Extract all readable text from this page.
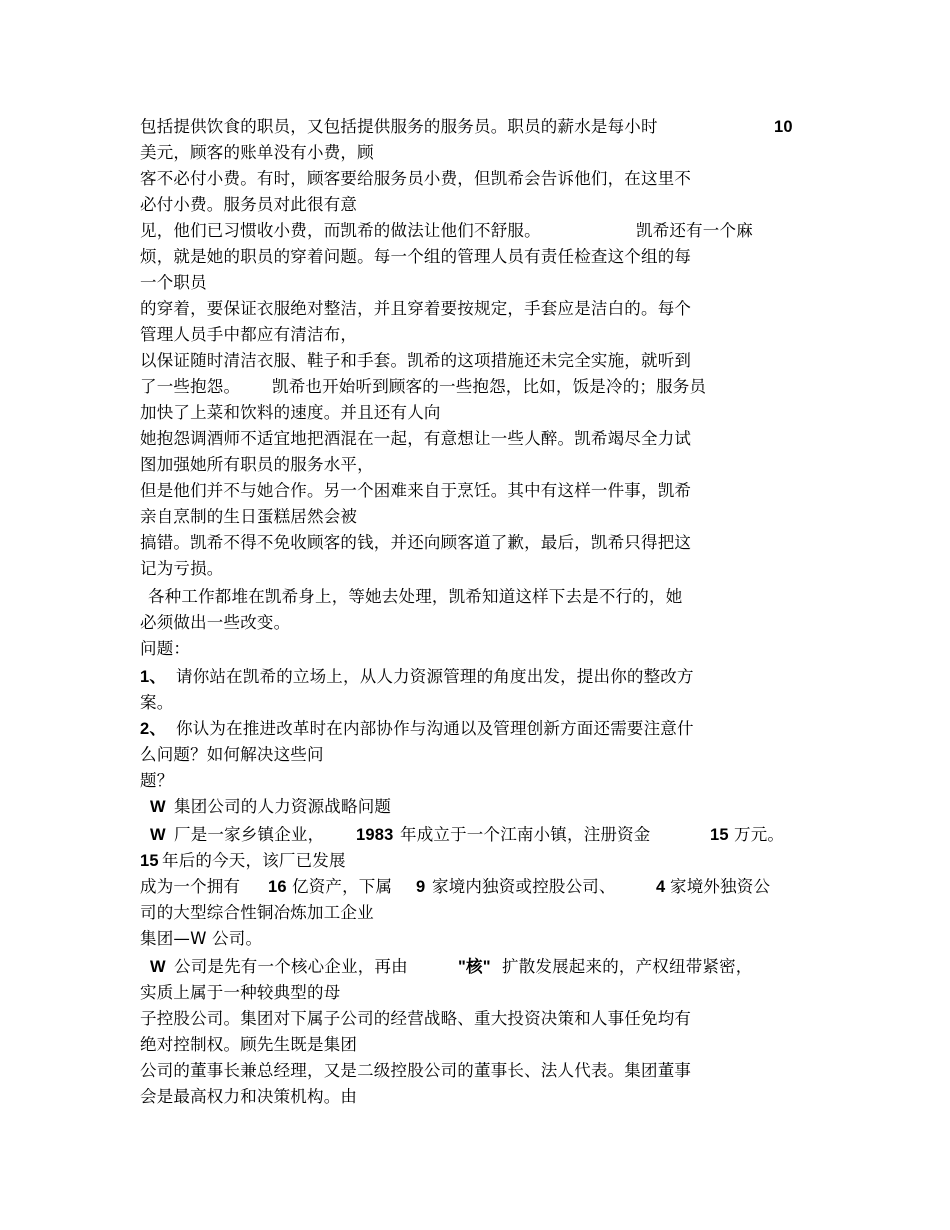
包括提供饮食的职员，又包括提供服务的服务员。职员的薪水是每小时	10
美元，顾客的账单没有小费，顾
客不必付小费。有时，顾客要给服务员小费，但凯希会告诉他们，在这里不
必付小费。服务员对此很有意
见，他们已习惯收小费，而凯希的做法让他们不舒服。	凯希还有一个麻
烦，就是她的职员的穿着问题。每一个组的管理人员有责任检查这个组的每
一个职员
的穿着，要保证衣服绝对整洁，并且穿着要按规定，手套应是洁白的。每个
管理人员手中都应有清洁布，
以保证随时清洁衣服、鞋子和手套。凯希的这项措施还未完全实施，就听到
了一些抱怨。 凯希也开始听到顾客的一些抱怨，比如，饭是冷的；服务员
加快了上菜和饮料的速度。并且还有人向
她抱怨调酒师不适宜地把酒混在一起，有意想让一些人醉。凯希竭尽全力试
图加强她所有职员的服务水平，
但是他们并不与她合作。另一个困难来自于烹饪。其中有这样一件事，凯希
亲自烹制的生日蛋糕居然会被
搞错。凯希不得不免收顾客的钱，并还向顾客道了歉，最后，凯希只得把这
记为亏损。
各种工作都堆在凯希身上，等她去处理，凯希知道这样下去是不行的，她
必须做出一些改变。
问题：
1、 请你站在凯希的立场上，从人力资源管理的角度出发，提出你的整改方
案。
2、 你认为在推进改革时在内部协作与沟通以及管理创新方面还需要注意什
么问题？如何解决这些问
题？
W 集团公司的人力资源战略问题
W 厂是一家乡镇企业， 1983 年成立于一个江南小镇，注册资金	15 万元。
15 年后的今天，该厂已发展
成为一个拥有 16 亿资产，下属 9 家境内独资或控股公司、 4 家境外独资公
司的大型综合性铜冶炼加工企业
集团—W 公司。
W 公司是先有一个核心企业，再由	"核" 扩散发展起来的，产权纽带紧密，
实质上属于一种较典型的母
子控股公司。集团对下属子公司的经营战略、重大投资决策和人事任免均有
绝对控制权。顾先生既是集团
公司的董事长兼总经理，又是二级控股公司的董事长、法人代表。集团董事
会是最高权力和决策机构。由
